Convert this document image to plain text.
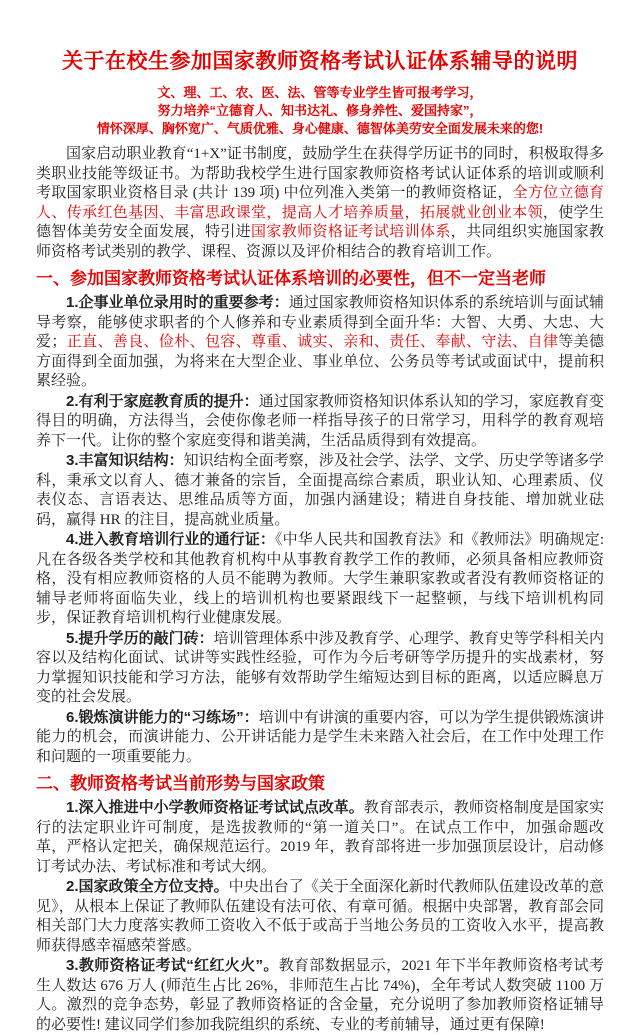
关于在校生参加国家教师资格考试认证体系辅导的说明
文、理、工、农、医、法、管等专业学生皆可报考学习，
努力培养“立德育人、知书达礼、修身养性、爱国持家”，
情怀深厚、胸怀宽广、气质优雅、身心健康、德智体美劳安全面发展未来的您!

国家启动职业教育“1+X”证书制度，鼓励学生在获得学历证书的同时，积极取得多类职业技能等级证书。为帮助我校学生进行国家教师资格考试认证体系的培训或顺利考取国家职业资格目录 (共计 139 项) 中位列准入类第一的教师资格证，全方位立德育人、传承红色基因、丰富思政课堂，提高人才培养质量，拓展就业创业本领，使学生德智体美劳安全面发展，特引进国家教师资格证考试培训体系，共同组织实施国家教师资格考试类别的教学、课程、资源以及评价相结合的教育培训工作。

一、参加国家教师资格考试认证体系培训的必要性，但不一定当老师

1.企事业单位录用时的重要参考：通过国家教师资格知识体系的系统培训与面试辅导考察，能够使求职者的个人修养和专业素质得到全面升华：大智、大勇、大忠、大爱；正直、善良、俭朴、包容、尊重、诚实、亲和、责任、奉献、守法、自律等美德方面得到全面加强，为将来在大型企业、事业单位、公务员等考试或面试中，提前积累经验。

2.有利于家庭教育质的提升：通过国家教师资格知识体系认知的学习，家庭教育变得目的明确，方法得当，会使你像老师一样指导孩子的日常学习，用科学的教育观培养下一代。让你的整个家庭变得和谐美满，生活品质得到有效提高。

3.丰富知识结构：知识结构全面考察，涉及社会学、法学、文学、历史学等诸多学科，秉承文以育人、德才兼备的宗旨，全面提高综合素质，职业认知、心理素质、仪表仪态、言语表达、思维品质等方面，加强内涵建设；精进自身技能、增加就业砝码，赢得 HR 的注目，提高就业质量。

4.进入教育培训行业的通行证：《中华人民共和国教育法》和《教师法》明确规定:凡在各级各类学校和其他教育机构中从事教育教学工作的教师，必须具备相应教师资格，没有相应教师资格的人员不能聘为教师。大学生兼职家教或者没有教师资格证的辅导老师将面临失业，线上的培训机构也要紧跟线下一起整顿，与线下培训机构同步，保证教育培训机构行业健康发展。

5.提升学历的敲门砖：培训管理体系中涉及教育学、心理学、教育史等学科相关内容以及结构化面试、试讲等实践性经验，可作为今后考研等学历提升的实战素材，努力掌握知识技能和学习方法，能够有效帮助学生缩短达到目标的距离，以适应瞬息万变的社会发展。

6.锻炼演讲能力的“习练场”：培训中有讲演的重要内容，可以为学生提供锻炼演讲能力的机会，而演讲能力、公开讲话能力是学生未来踏入社会后，在工作中处理工作和问题的一项重要能力。

二、教师资格考试当前形势与国家政策

1.深入推进中小学教师资格证考试试点改革。教育部表示，教师资格制度是国家实行的法定职业许可制度，是选拔教师的“第一道关口”。在试点工作中，加强命题改革，严格认定把关，确保规范运行。2019 年，教育部将进一步加强顶层设计，启动修订考试办法、考试标准和考试大纲。

2.国家政策全方位支持。中央出台了《关于全面深化新时代教师队伍建设改革的意见》，从根本上保证了教师队伍建设有法可依、有章可循。根据中央部署，教育部会同相关部门大力度落实教师工资收入不低于或高于当地公务员的工资收入水平，提高教师获得感幸福感荣誉感。

3.教师资格证考试“红红火火”。教育部数据显示，2021 年下半年教师资格考试考生人数达 676 万人 (师范生占比 26%，非师范生占比 74%)，全年考试人数突破 1100 万人。激烈的竞争态势，彰显了教师资格证的含金量，充分说明了参加教师资格证辅导的必要性! 建议同学们参加我院组织的系统、专业的考前辅导，通过更有保障!
